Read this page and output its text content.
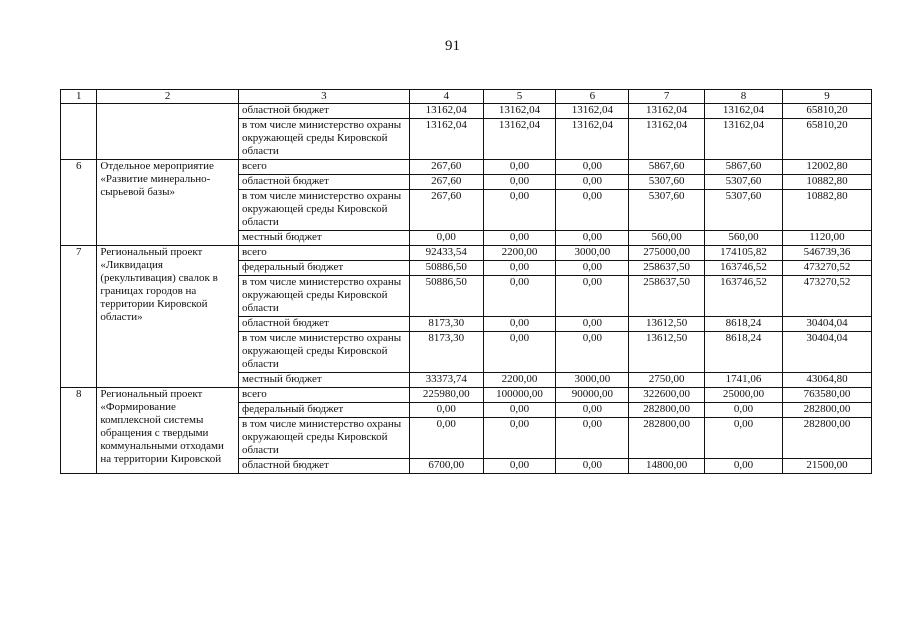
91
1	2	3	4	5	6	7	8	9
		областной бюджет	13162,04	13162,04	13162,04	13162,04	13162,04	65810,20
		в том числе министерство охраны окружающей среды Кировской области	13162,04	13162,04	13162,04	13162,04	13162,04	65810,20
6	Отдельное мероприятие «Развитие минерально-сырьевой базы»	всего	267,60	0,00	0,00	5867,60	5867,60	12002,80
		областной бюджет	267,60	0,00	0,00	5307,60	5307,60	10882,80
		в том числе министерство охраны окружающей среды Кировской области	267,60	0,00	0,00	5307,60	5307,60	10882,80
		местный бюджет	0,00	0,00	0,00	560,00	560,00	1120,00
7	Региональный проект «Ликвидация (рекультивация) свалок в границах городов на территории Кировской области»	всего	92433,54	2200,00	3000,00	275000,00	174105,82	546739,36
		федеральный бюджет	50886,50	0,00	0,00	258637,50	163746,52	473270,52
		в том числе министерство охраны окружающей среды Кировской области	50886,50	0,00	0,00	258637,50	163746,52	473270,52
		областной бюджет	8173,30	0,00	0,00	13612,50	8618,24	30404,04
		в том числе министерство охраны окружающей среды Кировской области	8173,30	0,00	0,00	13612,50	8618,24	30404,04
		местный бюджет	33373,74	2200,00	3000,00	2750,00	1741,06	43064,80
8	Региональный проект «Формирование комплексной системы обращения с твердыми коммунальными отходами на территории Кировской	всего	225980,00	100000,00	90000,00	322600,00	25000,00	763580,00
		федеральный бюджет	0,00	0,00	0,00	282800,00	0,00	282800,00
		в том числе министерство охраны окружающей среды Кировской области	0,00	0,00	0,00	282800,00	0,00	282800,00
		областной бюджет	6700,00	0,00	0,00	14800,00	0,00	21500,00
